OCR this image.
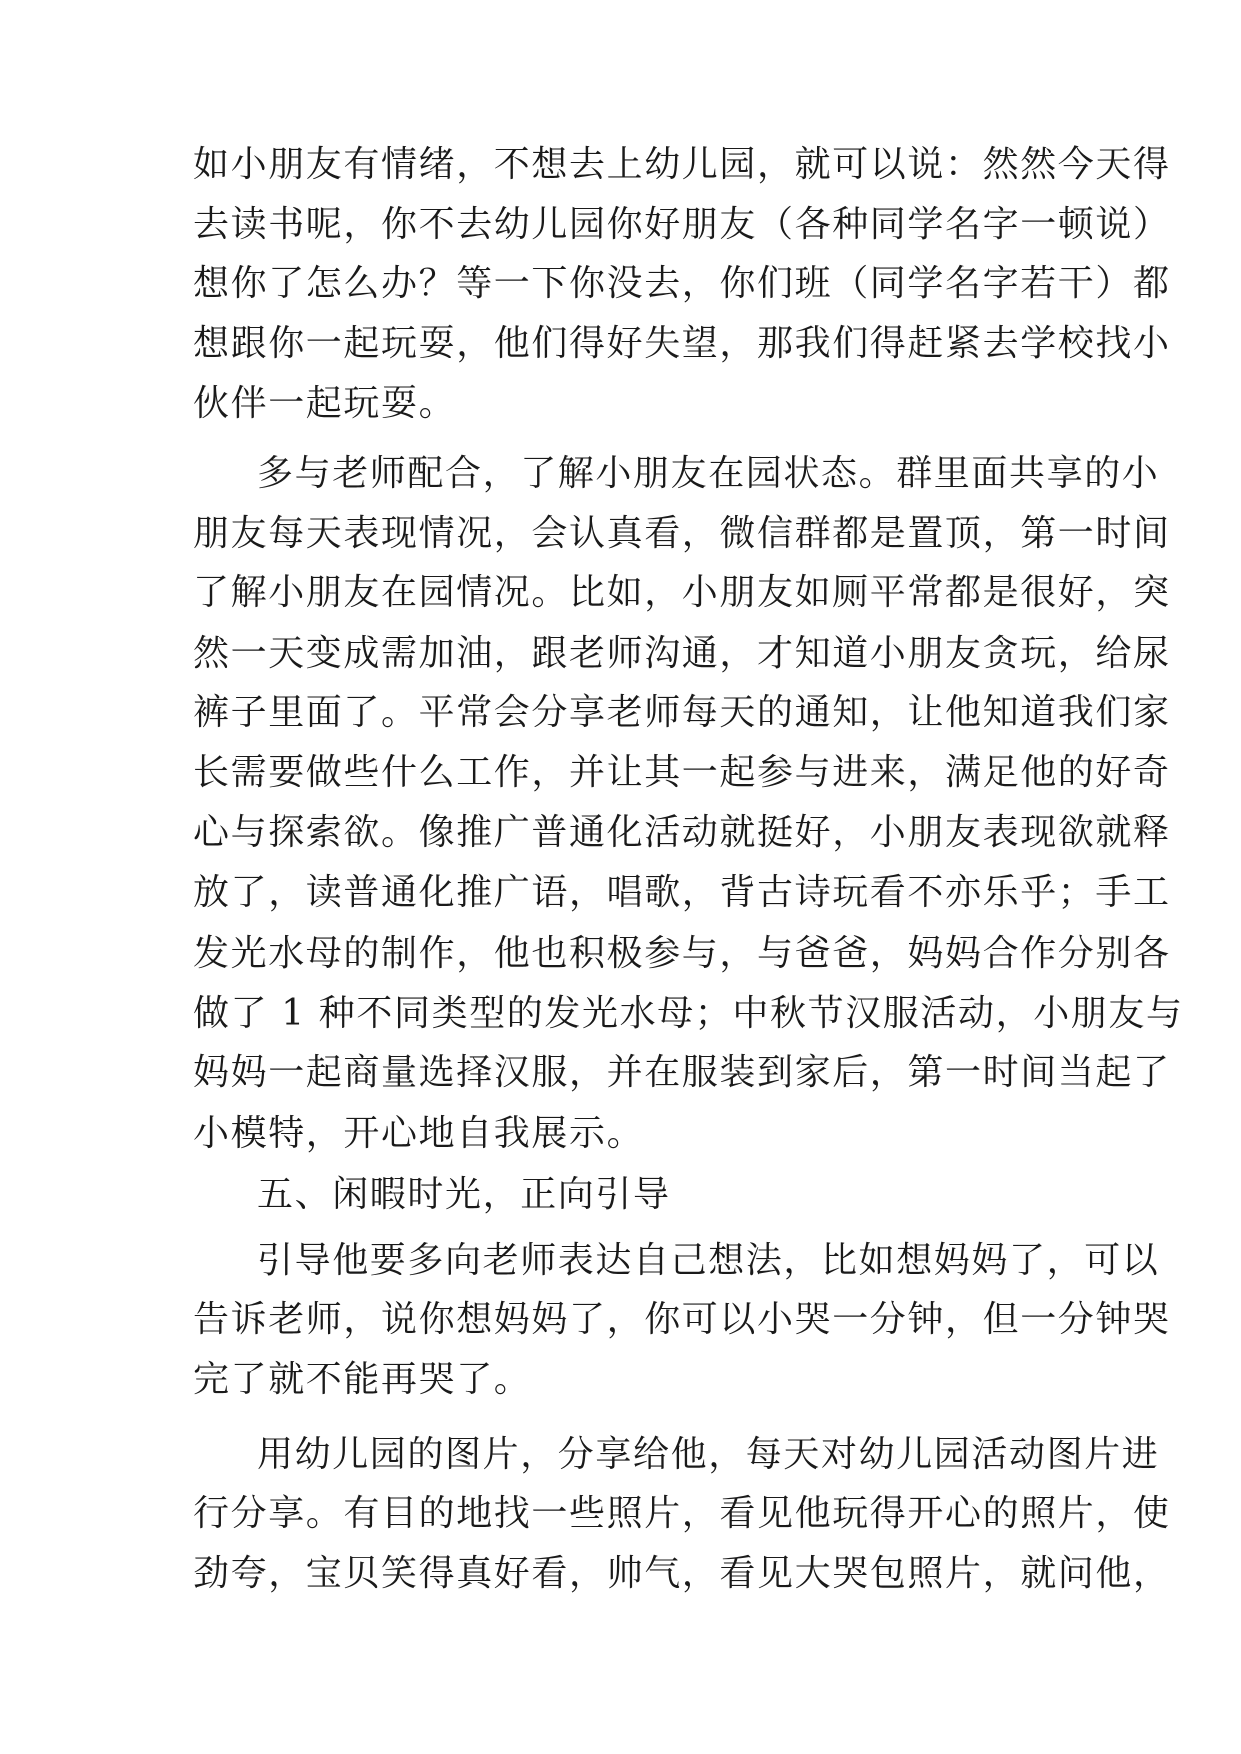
如小朋友有情绪，不想去上幼儿园，就可以说：然然今天得
去读书呢，你不去幼儿园你好朋友（各种同学名字一顿说）
想你了怎么办？等一下你没去，你们班（同学名字若干）都
想跟你一起玩耍，他们得好失望，那我们得赶紧去学校找小
伙伴一起玩耍。
多与老师配合，了解小朋友在园状态。群里面共享的小
朋友每天表现情况，会认真看，微信群都是置顶，第一时间
了解小朋友在园情况。比如，小朋友如厕平常都是很好，突
然一天变成需加油，跟老师沟通，才知道小朋友贪玩，给尿
裤子里面了。平常会分享老师每天的通知，让他知道我们家
长需要做些什么工作，并让其一起参与进来，满足他的好奇
心与探索欲。像推广普通化活动就挺好，小朋友表现欲就释
放了，读普通化推广语，唱歌，背古诗玩看不亦乐乎；手工
发光水母的制作，他也积极参与，与爸爸，妈妈合作分别各
做了 1 种不同类型的发光水母；中秋节汉服活动，小朋友与
妈妈一起商量选择汉服，并在服装到家后，第一时间当起了
小模特，开心地自我展示。
五、闲暇时光，正向引导
引导他要多向老师表达自己想法，比如想妈妈了，可以
告诉老师，说你想妈妈了，你可以小哭一分钟，但一分钟哭
完了就不能再哭了。
用幼儿园的图片，分享给他，每天对幼儿园活动图片进
行分享。有目的地找一些照片，看见他玩得开心的照片，使
劲夸，宝贝笑得真好看，帅气，看见大哭包照片，就问他，
